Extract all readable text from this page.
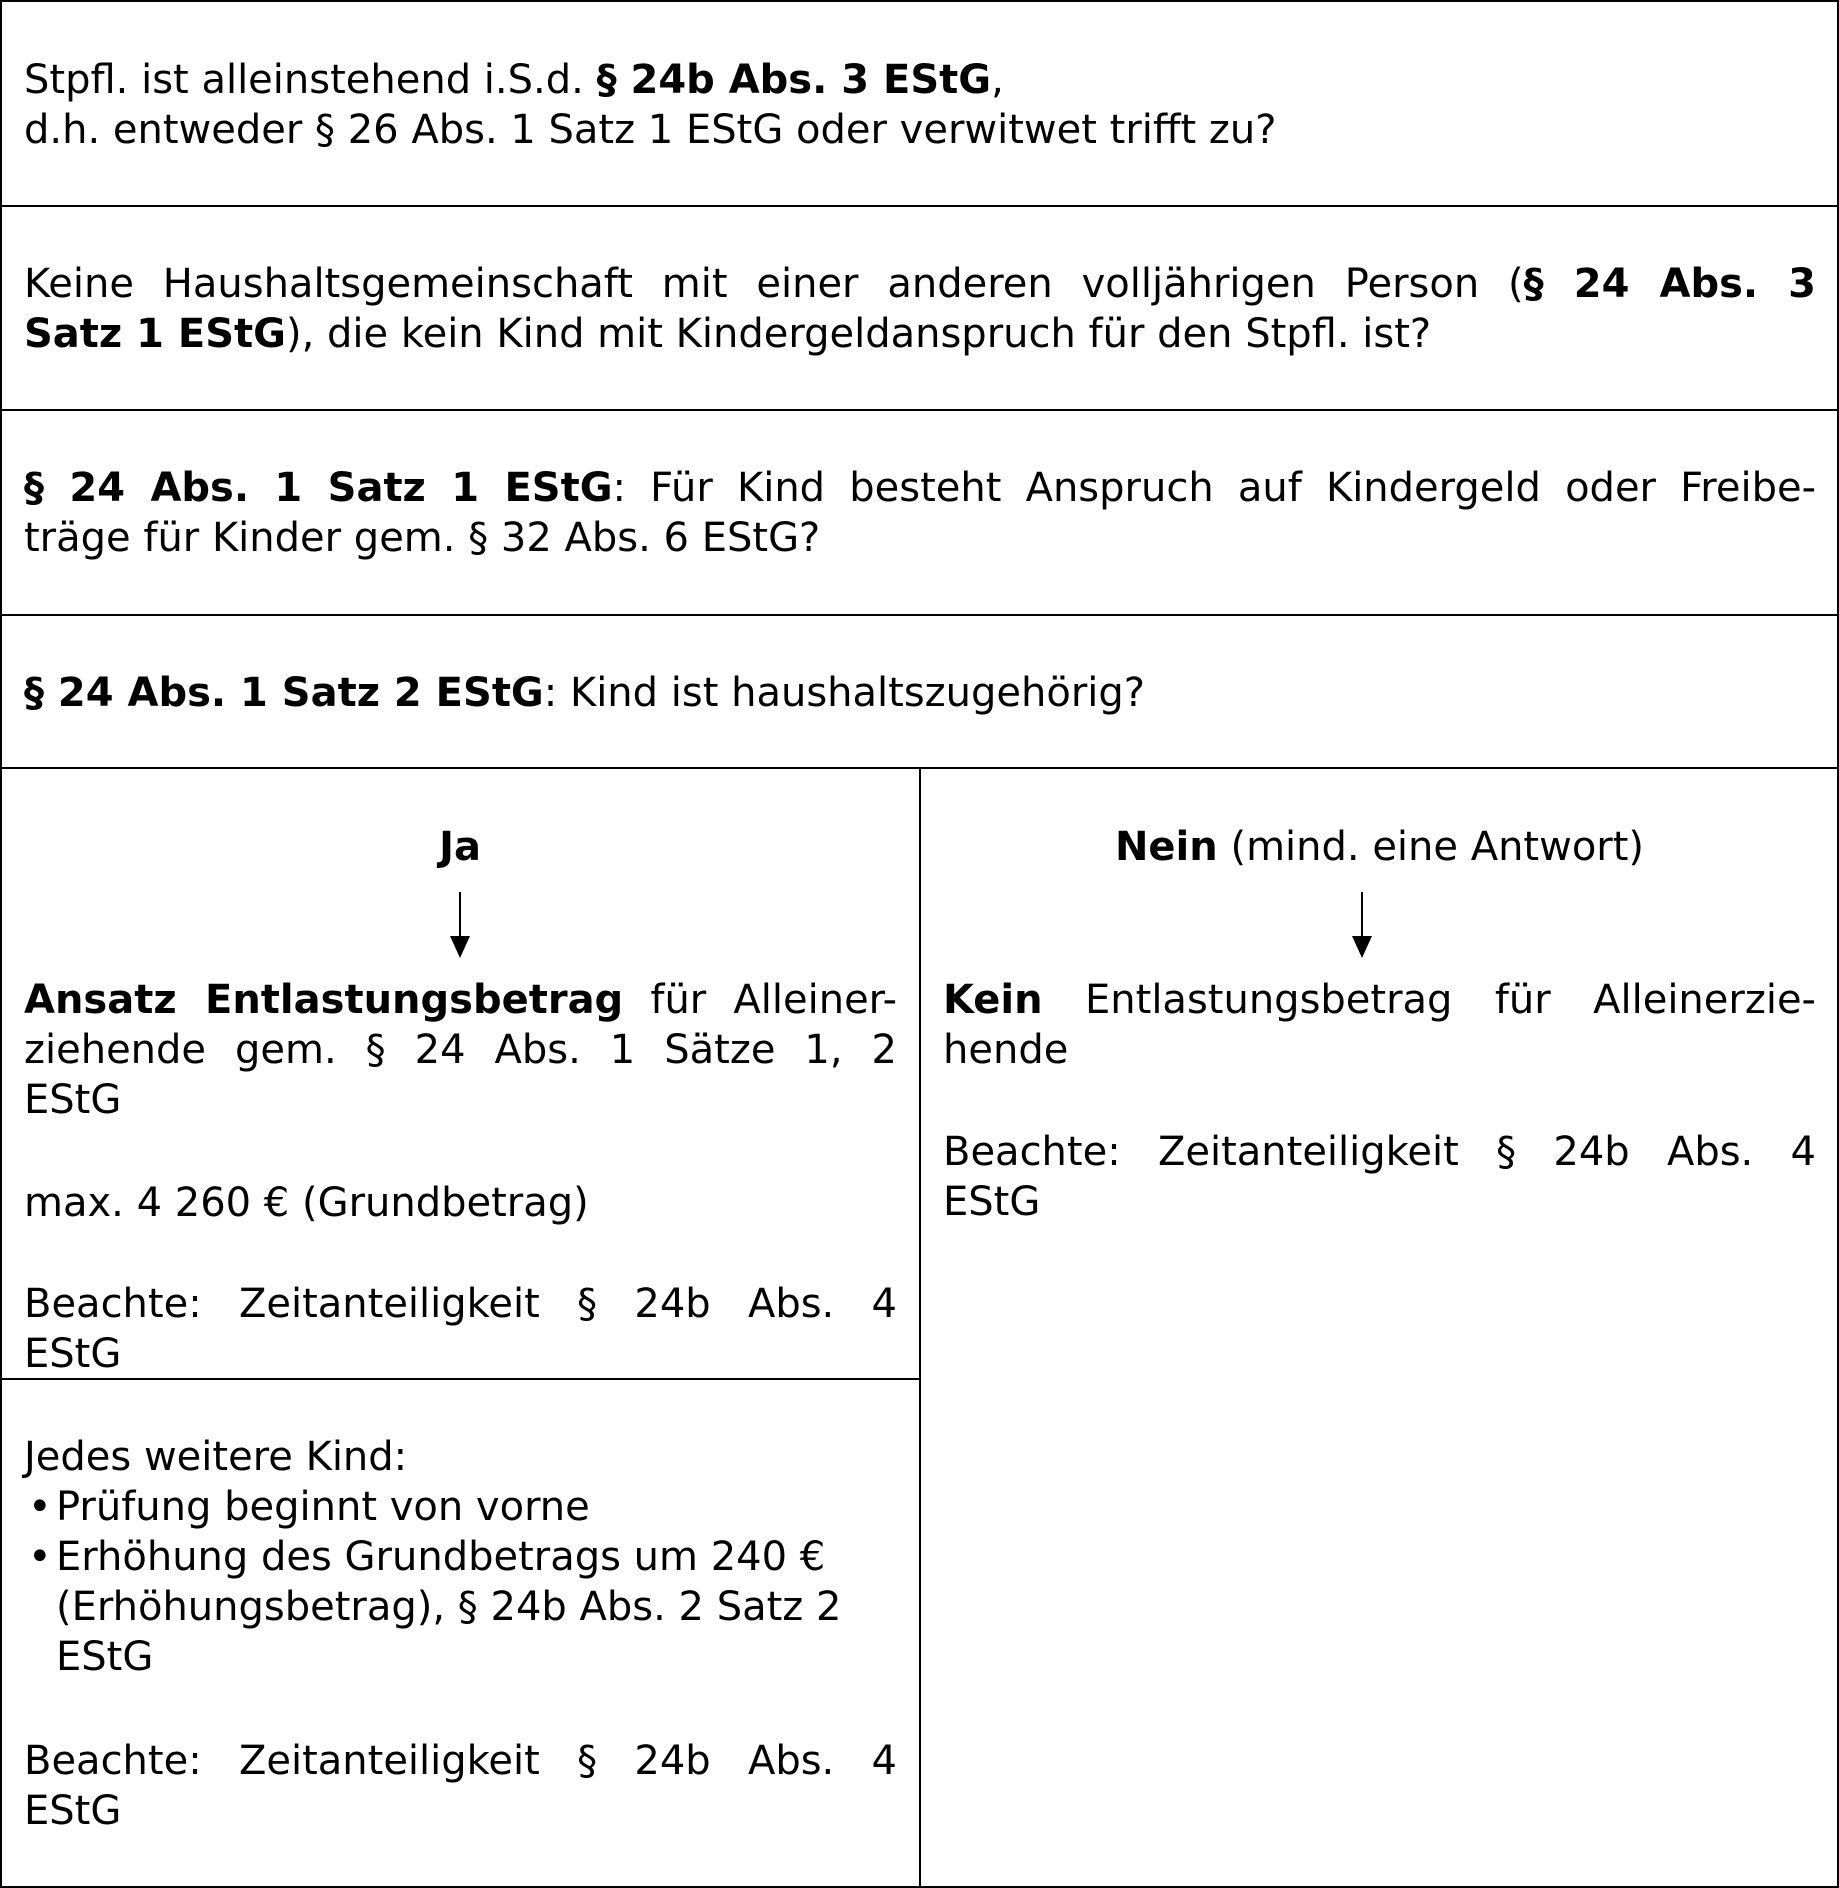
Stpfl. ist alleinstehend i.S.d. § 24b Abs. 3 EStG,
d.h. entweder § 26 Abs. 1 Satz 1 EStG oder verwitwet trifft zu?
Keine Haushaltsgemeinschaft mit einer anderen volljährigen Person (§ 24 Abs. 3
Satz 1 EStG), die kein Kind mit Kindergeldanspruch für den Stpfl. ist?
§ 24 Abs. 1 Satz 1 EStG: Für Kind besteht Anspruch auf Kindergeld oder Freibe-
träge für Kinder gem. § 32 Abs. 6 EStG?
§ 24 Abs. 1 Satz 2 EStG: Kind ist haushaltszugehörig?
Ja
Ansatz Entlastungsbetrag für Alleiner-
ziehende gem. § 24 Abs. 1 Sätze 1, 2
EStG
max. 4 260 € (Grundbetrag)
Beachte: Zeitanteiligkeit § 24b Abs. 4
EStG
Jedes weitere Kind:
• Prüfung beginnt von vorne
• Erhöhung des Grundbetrags um 240 €
(Erhöhungsbetrag), § 24b Abs. 2 Satz 2
EStG
Beachte: Zeitanteiligkeit § 24b Abs. 4
EStG
Nein (mind. eine Antwort)
Kein Entlastungsbetrag für Alleinerzie-
hende
Beachte: Zeitanteiligkeit § 24b Abs. 4
EStG
